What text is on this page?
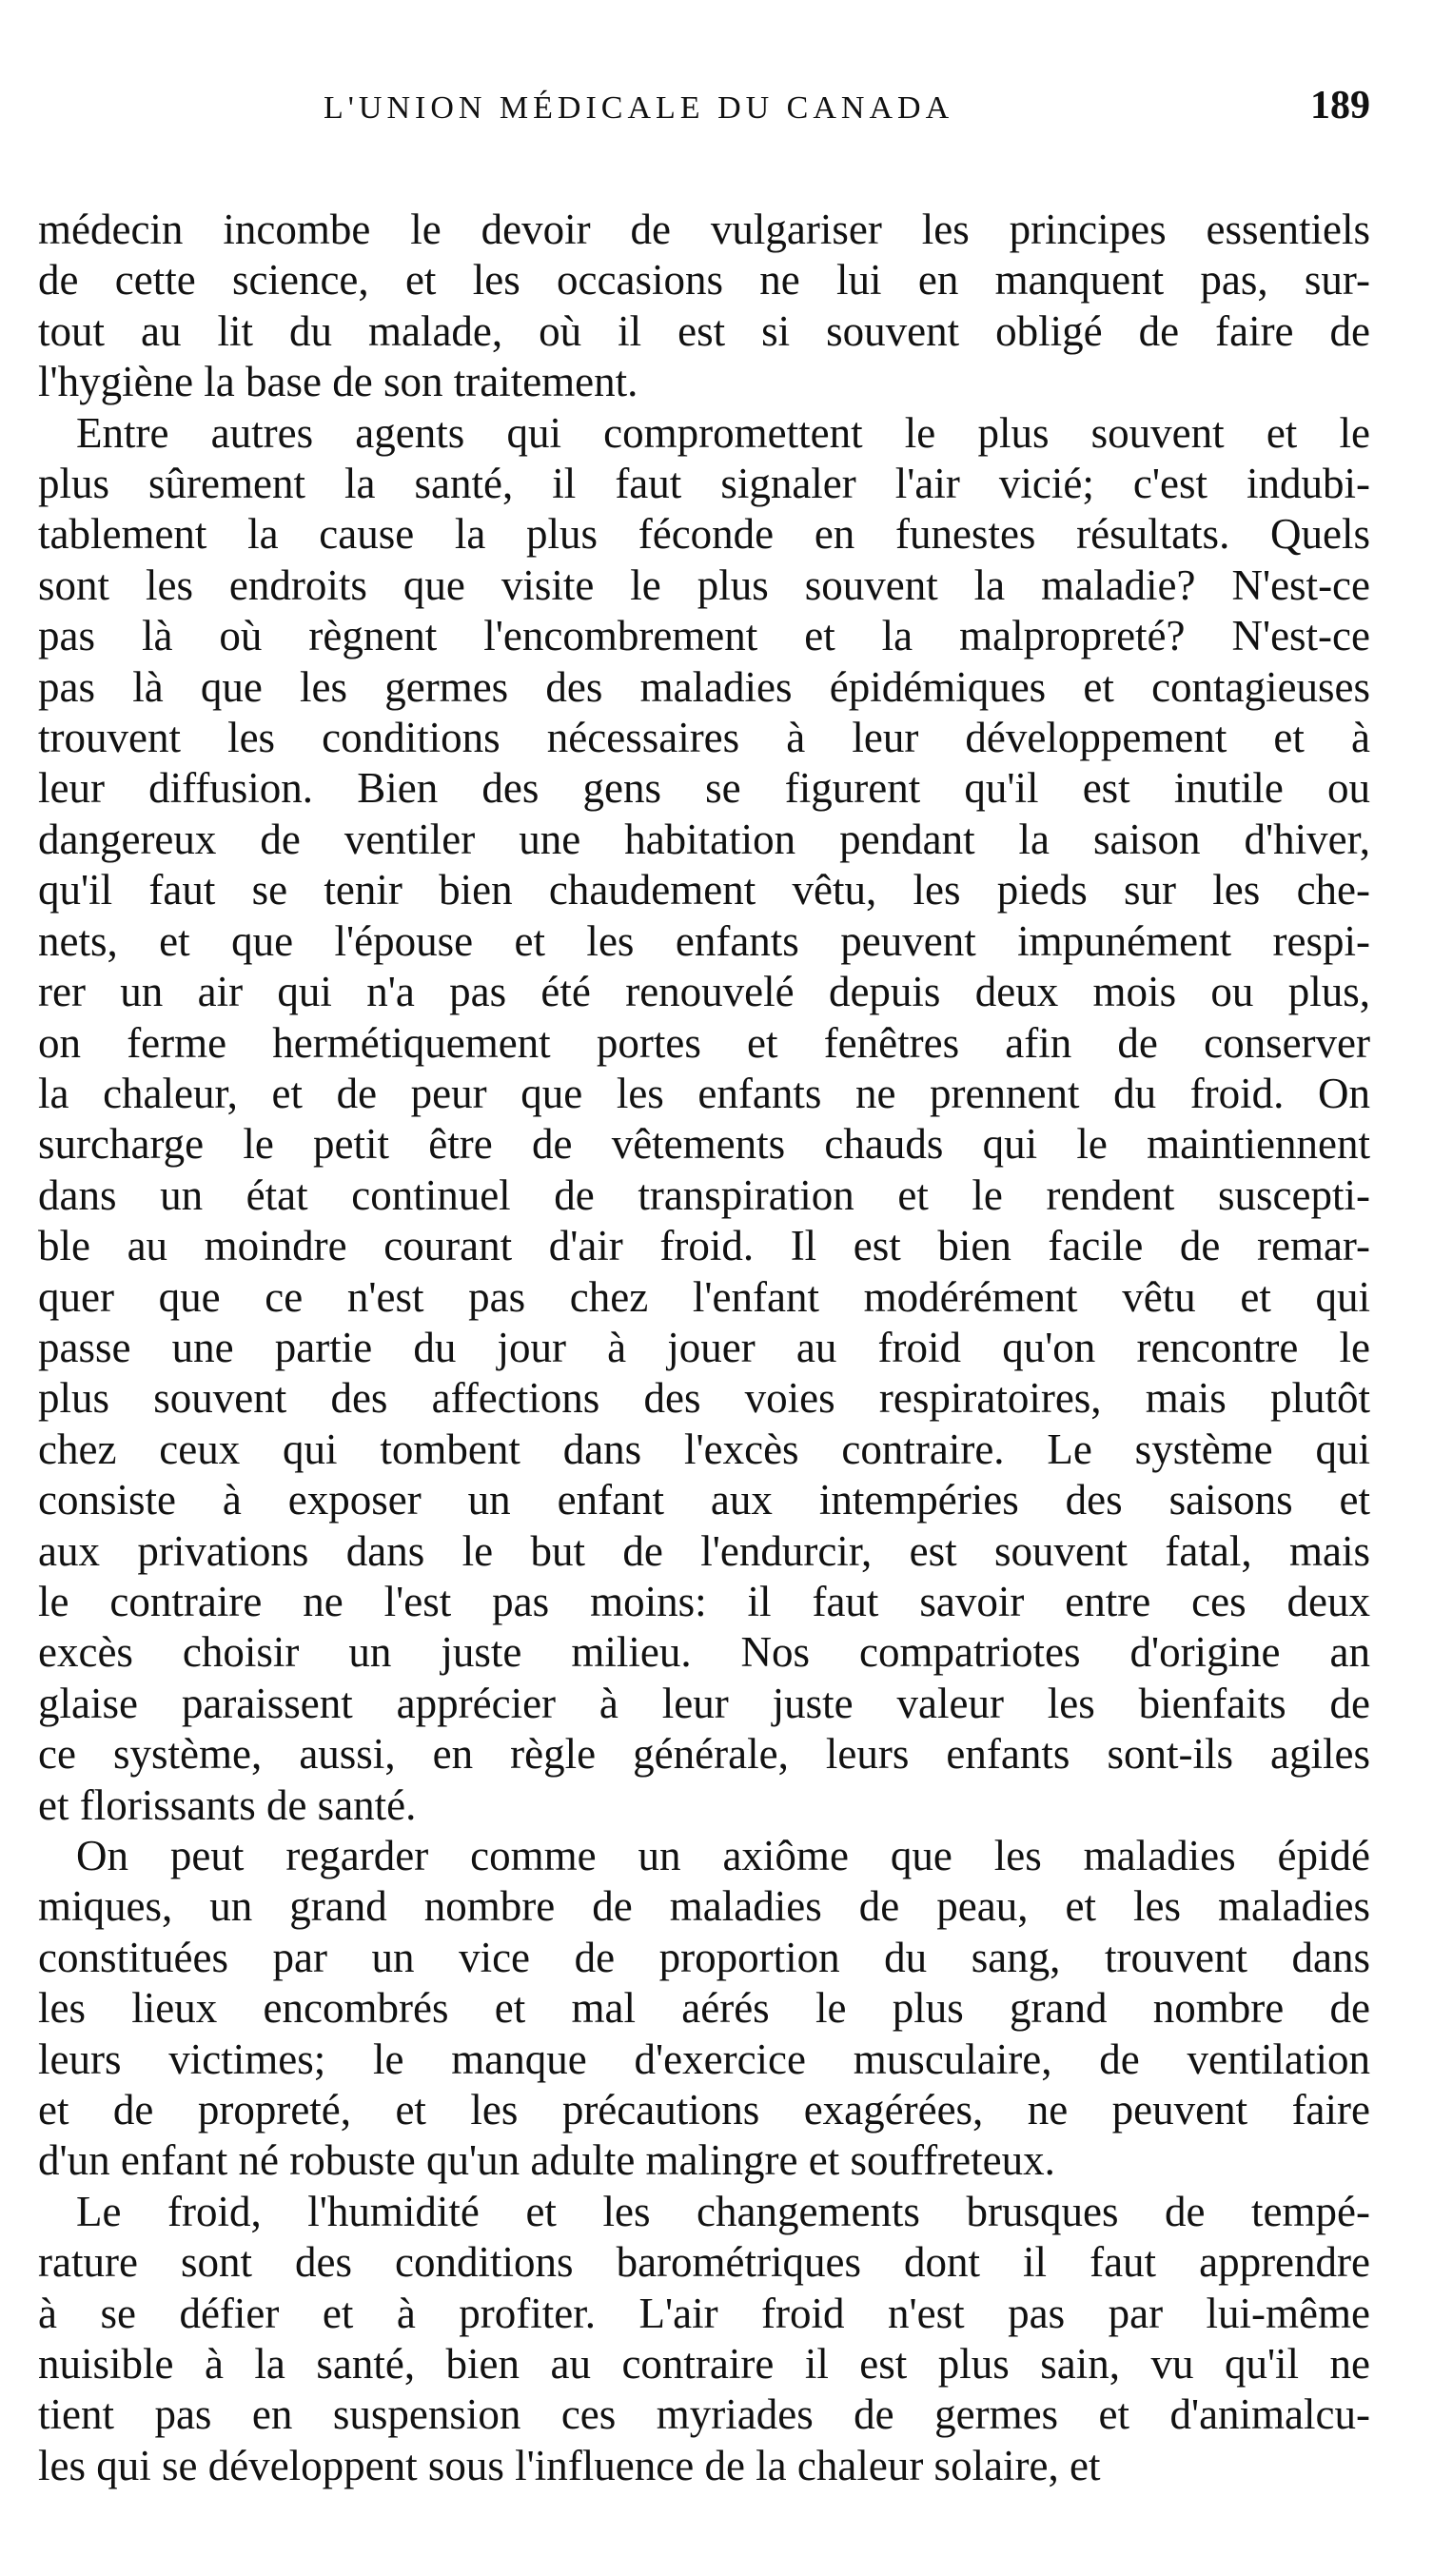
L'UNION MÉDICALE DU CANADA	189

médecin incombe le devoir de vulgariser les principes essentiels
de cette science, et les occasions ne lui en manquent pas, sur-
tout au lit du malade, où il est si souvent obligé de faire de
l'hygiène la base de son traitement.

Entre autres agents qui compromettent le plus souvent et le
plus sûrement la santé, il faut signaler l'air vicié; c'est indubi-
tablement la cause la plus féconde en funestes résultats. Quels
sont les endroits que visite le plus souvent la maladie? N'est-ce
pas là où règnent l'encombrement et la malpropreté? N'est-ce
pas là que les germes des maladies épidémiques et contagieuses
trouvent les conditions nécessaires à leur développement et à
leur diffusion. Bien des gens se figurent qu'il est inutile ou
dangereux de ventiler une habitation pendant la saison d'hiver,
qu'il faut se tenir bien chaudement vêtu, les pieds sur les che-
nets, et que l'épouse et les enfants peuvent impunément respi-
rer un air qui n'a pas été renouvelé depuis deux mois ou plus,
on ferme hermétiquement portes et fenêtres afin de conserver
la chaleur, et de peur que les enfants ne prennent du froid. On
surcharge le petit être de vêtements chauds qui le maintiennent
dans un état continuel de transpiration et le rendent suscepti-
ble au moindre courant d'air froid. Il est bien facile de remar-
quer que ce n'est pas chez l'enfant modérément vêtu et qui
passe une partie du jour à jouer au froid qu'on rencontre le
plus souvent des affections des voies respiratoires, mais plutôt
chez ceux qui tombent dans l'excès contraire. Le système qui
consiste à exposer un enfant aux intempéries des saisons et
aux privations dans le but de l'endurcir, est souvent fatal, mais
le contraire ne l'est pas moins: il faut savoir entre ces deux
excès choisir un juste milieu. Nos compatriotes d'origine an
glaise paraissent apprécier à leur juste valeur les bienfaits de
ce système, aussi, en règle générale, leurs enfants sont-ils agiles
et florissants de santé.

On peut regarder comme un axiôme que les maladies épidé
miques, un grand nombre de maladies de peau, et les maladies
constituées par un vice de proportion du sang, trouvent dans
les lieux encombrés et mal aérés le plus grand nombre de
leurs victimes; le manque d'exercice musculaire, de ventilation
et de propreté, et les précautions exagérées, ne peuvent faire
d'un enfant né robuste qu'un adulte malingre et souffreteux.

Le froid, l'humidité et les changements brusques de tempé-
rature sont des conditions barométriques dont il faut apprendre
à se défier et à profiter. L'air froid n'est pas par lui-même
nuisible à la santé, bien au contraire il est plus sain, vu qu'il ne
tient pas en suspension ces myriades de germes et d'animalcu-
les qui se développent sous l'influence de la chaleur solaire, et
